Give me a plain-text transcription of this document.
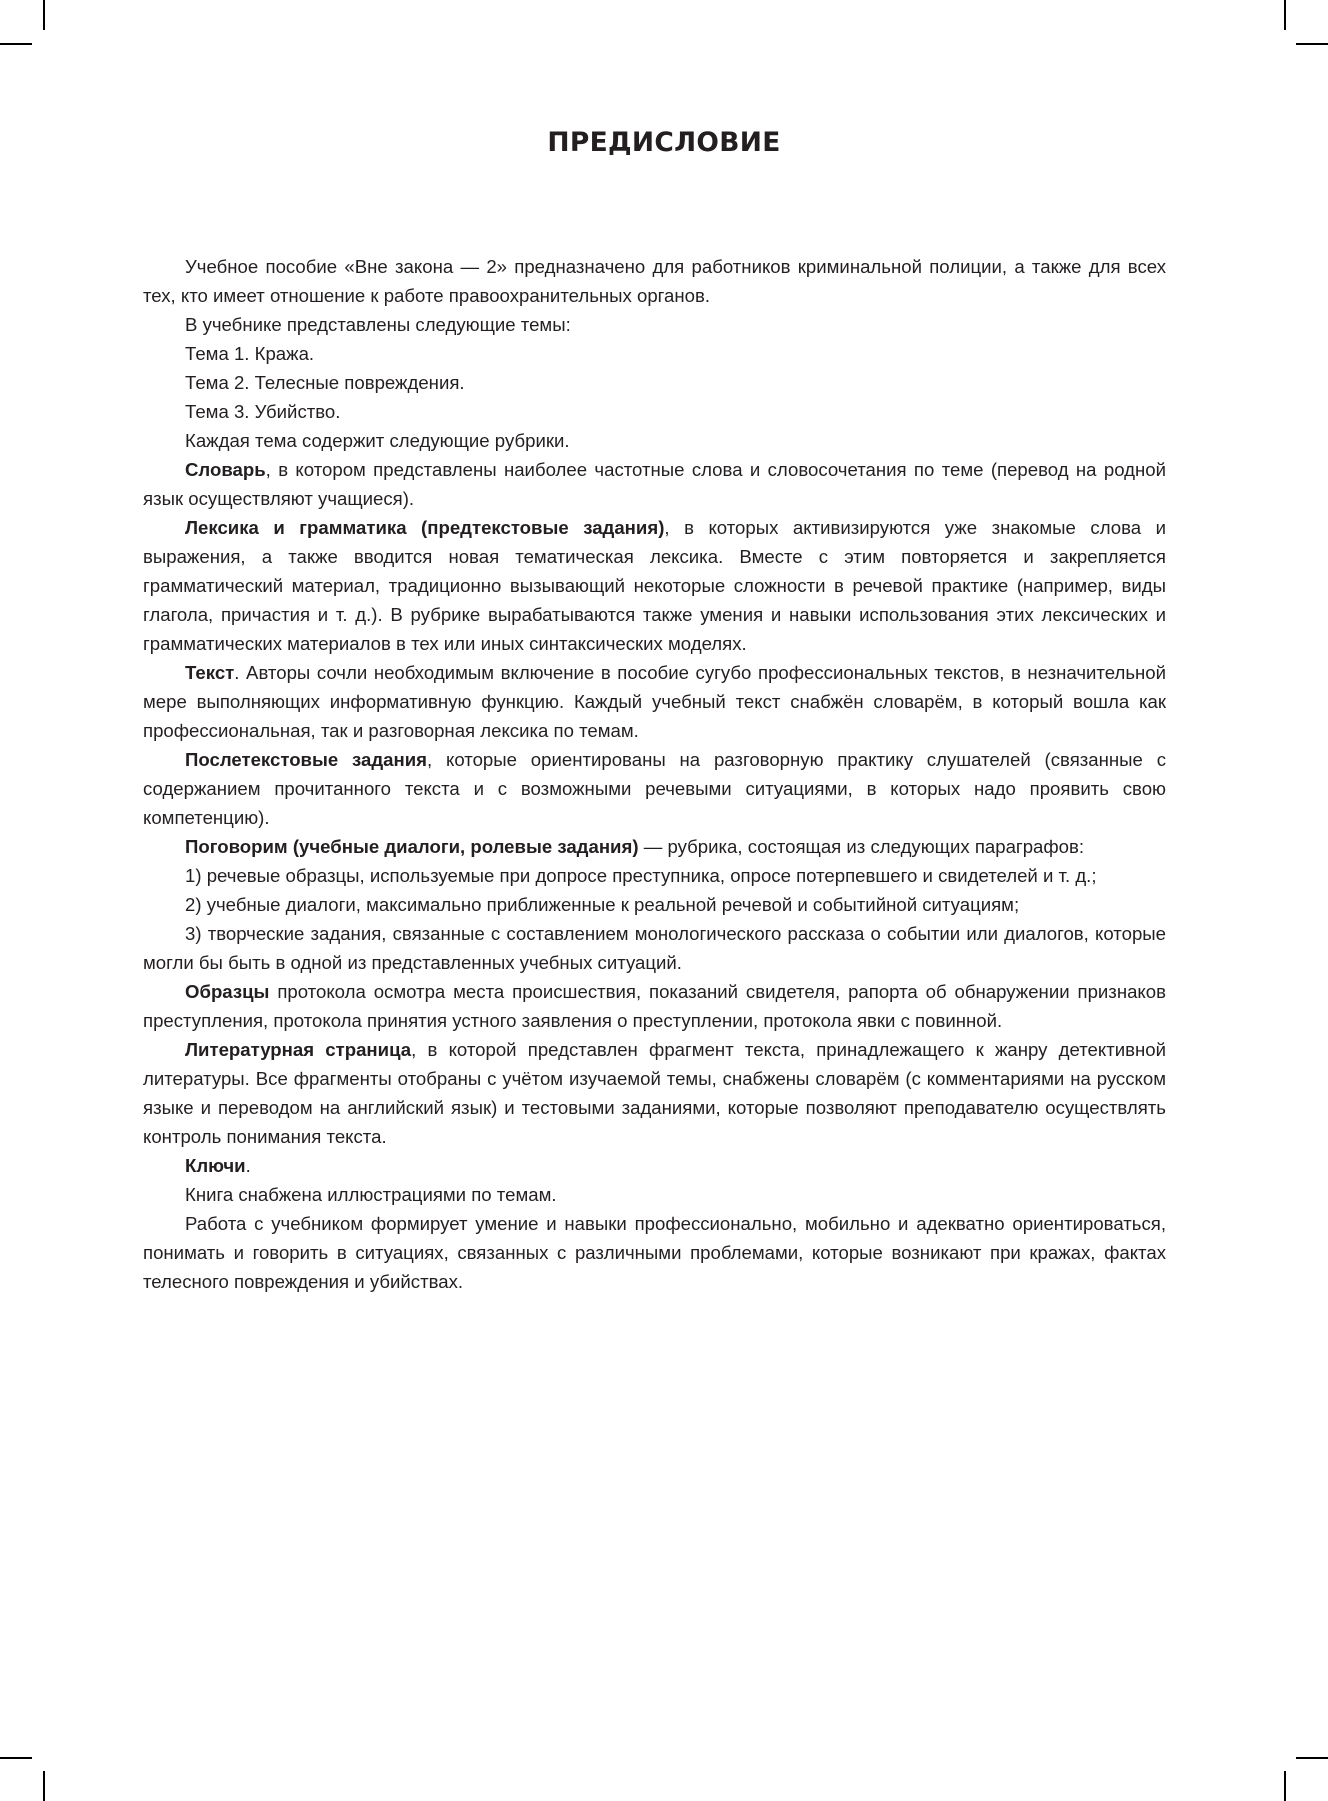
ПРЕДИСЛОВИЕ

Учебное пособие «Вне закона — 2» предназначено для работников криминальной полиции, а также для всех тех, кто имеет отношение к работе правоохранительных органов.

В учебнике представлены следующие темы:

Тема 1. Кража.

Тема 2. Телесные повреждения.

Тема 3. Убийство.

Каждая тема содержит следующие рубрики.

Словарь, в котором представлены наиболее частотные слова и словосочетания по теме (перевод на родной язык осуществляют учащиеся).

Лексика и грамматика (предтекстовые задания), в которых активизируются уже знакомые слова и выражения, а также вводится новая тематическая лексика. Вместе с этим повторяется и закрепляется грамматический материал, традиционно вызывающий некоторые сложности в речевой практике (например, виды глагола, причастия и т. д.). В рубрике вырабатываются также умения и навыки использования этих лексических и грамматических материалов в тех или иных синтаксических моделях.

Текст. Авторы сочли необходимым включение в пособие сугубо профессиональных текстов, в незначительной мере выполняющих информативную функцию. Каждый учебный текст снабжён словарём, в который вошла как профессиональная, так и разговорная лексика по темам.

Послетекстовые задания, которые ориентированы на разговорную практику слушателей (связанные с содержанием прочитанного текста и с возможными речевыми ситуациями, в которых надо проявить свою компетенцию).

Поговорим (учебные диалоги, ролевые задания) — рубрика, состоящая из следующих параграфов:

1) речевые образцы, используемые при допросе преступника, опросе потерпевшего и свидетелей и т. д.;

2) учебные диалоги, максимально приближенные к реальной речевой и событийной ситуациям;

3) творческие задания, связанные с составлением монологического рассказа о событии или диалогов, которые могли бы быть в одной из представленных учебных ситуаций.

Образцы протокола осмотра места происшествия, показаний свидетеля, рапорта об обнаружении признаков преступления, протокола принятия устного заявления о преступлении, протокола явки с повинной.

Литературная страница, в которой представлен фрагмент текста, принадлежащего к жанру детективной литературы. Все фрагменты отобраны с учётом изучаемой темы, снабжены словарём (с комментариями на русском языке и переводом на английский язык) и тестовыми заданиями, которые позволяют преподавателю осуществлять контроль понимания текста.

Ключи.

Книга снабжена иллюстрациями по темам.

Работа с учебником формирует умение и навыки профессионально, мобильно и адекватно ориентироваться, понимать и говорить в ситуациях, связанных с различными проблемами, которые возникают при кражах, фактах телесного повреждения и убийствах.
